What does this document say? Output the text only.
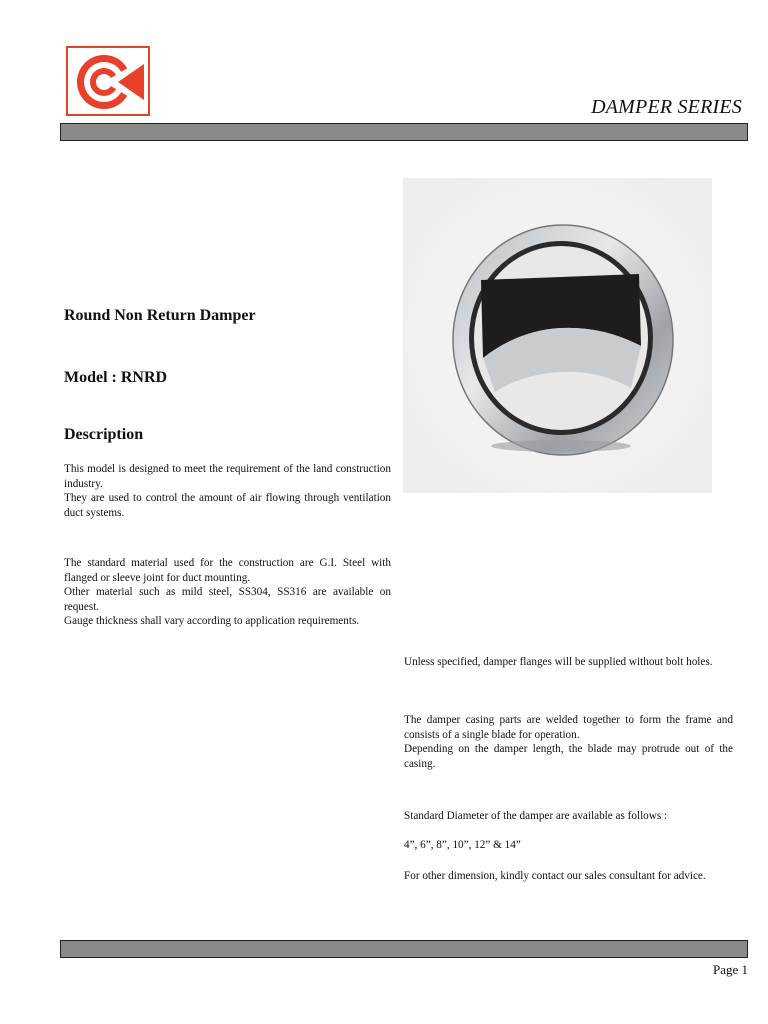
DAMPER SERIES
Round Non Return Damper
Model : RNRD
Description
This model is designed to meet the requirement of the land construction industry.
They are used to control the amount of air flowing through ventilation duct systems.
The standard material used for the construction are G.I. Steel with flanged or sleeve joint for duct mounting.
Other material such as mild steel, SS304, SS316 are available on request.
Gauge thickness shall vary according to application requirements.
Unless specified, damper flanges will be supplied without bolt holes.
The damper casing parts are welded together to form the frame and consists of a single blade for operation.
Depending on the damper length, the blade may protrude out of the casing.
Standard Diameter of the damper are available as follows :
4”, 6”, 8”, 10”, 12” & 14”
For other dimension, kindly contact our sales consultant for advice.
Page 1
